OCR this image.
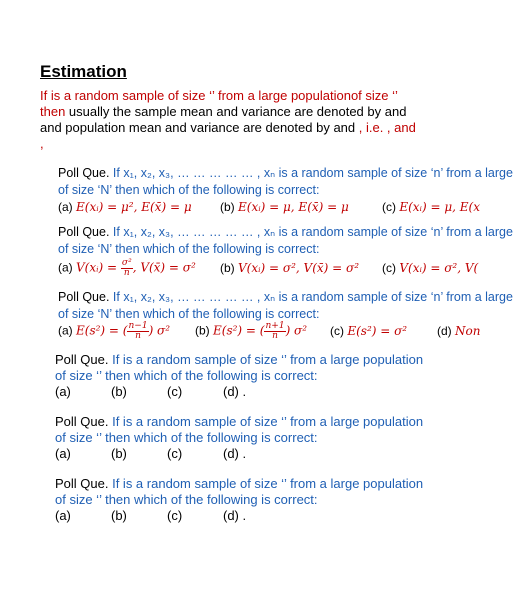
Estimation
If is a random sample of size ‘’ from a large populationof size ‘’
then usually the sample mean and variance are denoted by and
and population mean and variance are denoted by and , i.e. , and
,
Poll Que. If x₁, x₂, x₃, … … … … … , xₙ is a random sample of size ‘n’ from a large
of size ‘N’ then which of the following is correct:
(a) E(xᵢ) = μ², E(x̄) = μ (b) E(xᵢ) = μ, E(x̄) = μ	(c) E(xᵢ) = μ, E(x
Poll Que. If x₁, x₂, x₃, … … … … … , xₙ is a random sample of size ‘n’ from a large
of size ‘N’ then which of the following is correct:
(a) V(xᵢ) = $\frac{\text{σ²}}{n}$ , V(x̄) = σ² (b) V(xᵢ) = σ², V(x̄) = σ² (c) V(xᵢ) = σ², V(
Poll Que. If x₁, x₂, x₃, … … … … … , xₙ is a random sample of size ‘n’ from a large
of size ‘N’ then which of the following is correct:
(a) E(s²) = ( $\frac{n-1}{n}$ ) σ² (b) E(s²) = ( $\frac{n+1}{n}$ ) σ² (c) E(s²) = σ² (d) Non
Poll Que. If is a random sample of size ‘’ from a large population
of size ‘’ then which of the following is correct:
(a)	(b)	(c)	(d) .
Poll Que. If is a random sample of size ‘’ from a large population
of size ‘’ then which of the following is correct:
(a)	(b)	(c)	(d) .
Poll Que. If is a random sample of size ‘’ from a large population
of size ‘’ then which of the following is correct:
(a)	(b)	(c)	(d) .
